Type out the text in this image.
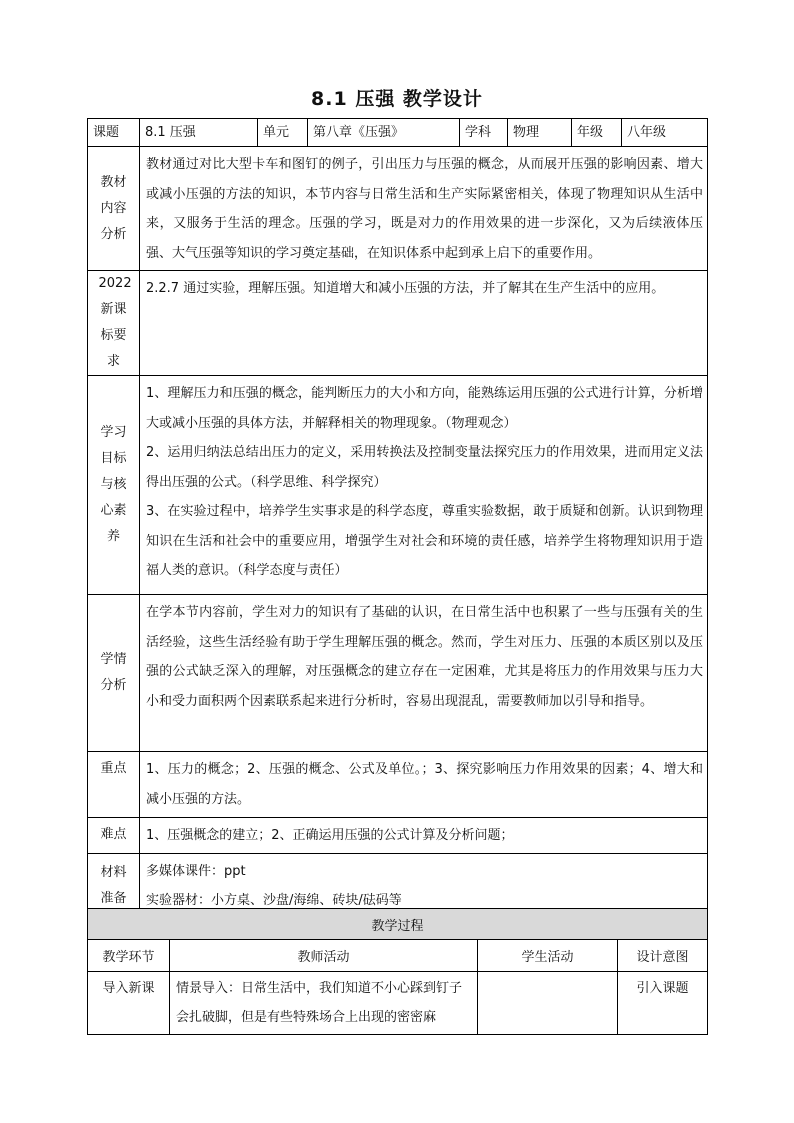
8.1 压强 教学设计
课题	8.1 压强	单元	第八章《压强》	学科	物理	年级	八年级

教材内容分析	教材通过对比大型卡车和图钉的例子，引出压力与压强的概念，从而展开压强的影响因素、增大或减小压强的方法的知识，本节内容与日常生活和生产实际紧密相关，体现了物理知识从生活中来，又服务于生活的理念。压强的学习，既是对力的作用效果的进一步深化，又为后续液体压强、大气压强等知识的学习奠定基础，在知识体系中起到承上启下的重要作用。						

2022新课标要求	2.2.7 通过实验，理解压强。知道增大和减小压强的方法，并了解其在生产生活中的应用。						

学习目标与核心素养	1、理解压力和压强的概念，能判断压力的大小和方向，能熟练运用压强的公式进行计算，分析增大或减小压强的具体方法，并解释相关的物理现象。（物理观念）
2、运用归纳法总结出压力的定义，采用转换法及控制变量法探究压力的作用效果，进而用定义法得出压强的公式。（科学思维、科学探究）
3、在实验过程中，培养学生实事求是的科学态度，尊重实验数据，敢于质疑和创新。认识到物理知识在生活和社会中的重要应用，增强学生对社会和环境的责任感，培养学生将物理知识用于造福人类的意识。（科学态度与责任）						

学情分析	在学本节内容前，学生对力的知识有了基础的认识，在日常生活中也积累了一些与压强有关的生活经验，这些生活经验有助于学生理解压强的概念。然而，学生对压力、压强的本质区别以及压强的公式缺乏深入的理解，对压强概念的建立存在一定困难，尤其是将压力的作用效果与压力大小和受力面积两个因素联系起来进行分析时，容易出现混乱，需要教师加以引导和指导。						
重点	1、压力的概念；2、压强的概念、公式及单位。；3、探究影响压力作用效果的因素；4、增大和减小压强的方法。						
难点	1、压强概念的建立；2、正确运用压强的公式计算及分析问题；						

材料准备	多媒体课件：ppt
实验器材：小方桌、沙盘/海绵、砖块/砝码等						
教学过程			
教学环节	教师活动	学生活动	设计意图
导入新课	情景导入：日常生活中，我们知道不小心踩到钉子会扎破脚，但是有些特殊场合上出现的密密麻		引入课题
